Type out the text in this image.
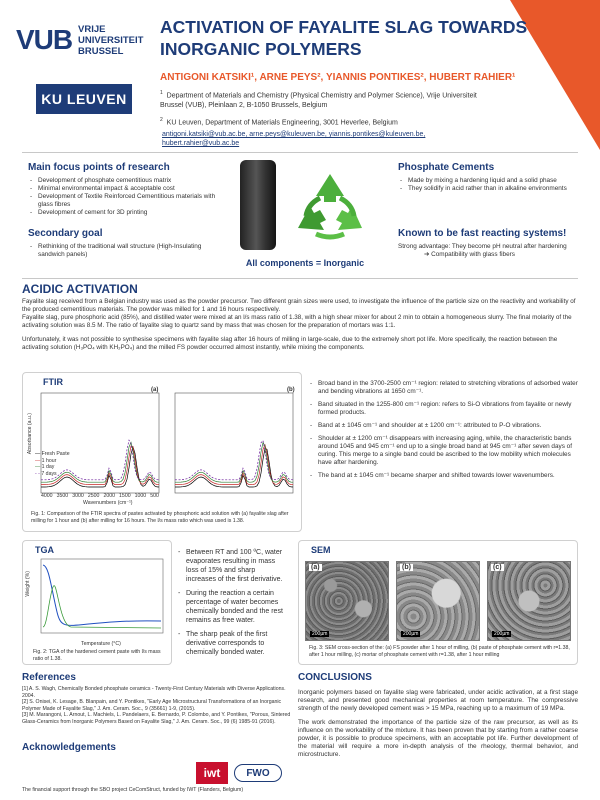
VUB VRIJE
UNIVERSITEIT
BRUSSEL
KU LEUVEN
ACTIVATION OF FAYALITE SLAG TOWARDS INORGANIC POLYMERS
ANTIGONI KATSIKI¹, ARNE PEYS², YIANNIS PONTIKES², HUBERT RAHIER¹
$^1$ Department of Materials and Chemistry (Physical Chemistry and Polymer Science), Vrije Universiteit Brussel (VUB), Pleinlaan 2, B-1050 Brussels, Belgium
$^2$ KU Leuven, Department of Materials Engineering, 3001 Heverlee, Belgium
antigoni.katsiki@vub.ac.be, arne.peys@kuleuven.be, yiannis.pontikes@kuleuven.be, hubert.rahier@vub.ac.be
Main focus points of research
- Development of phosphate cementitious matrix
- Minimal environmental impact & acceptable cost
- Development of Textile Reinforced Cementitious materials with glass fibres
- Development of cement for 3D printing
Secondary goal
- Rethinking of the traditional wall structure (High-Insulating sandwich panels)
All components = Inorganic
Phosphate Cements
- Made by mixing a hardening liquid and a solid phase
- They solidify in acid rather than in alkaline environments
Known to be fast reacting systems!
Strong advantage: They become pH neutral after hardening
➔ Compatibility with glass fibers
ACIDIC ACTIVATION
Fayalite slag received from a Belgian industry was used as the powder precursor. Two different grain sizes were used, to investigate the influence of the particle size on the reactivity and workability of the produced cementitious materials. The powder was milled for 1 and 16 hours respectively.
Fayalite slag, pure phosphoric acid (85%), and distilled water were mixed at an l/s mass ratio of 1.38, with a high shear mixer for about 2 min to obtain a homogeneous slurry. The final molarity of the activating solution was 8.5 M. The ratio of fayalite slag to quartz sand by mass that was chosen for the preparation of mortars was 1:1.
Unfortunately, it was not possible to synthesise specimens with fayalite slag after 16 hours of milling in large-scale, due to the extremely short pot life. More specifically, the reaction between the activating solution (H₃PO₄ with KH₂PO₄) and the milled FS powder occurred almost instantly, while mixing the components.
FTIR
(a)	(b)
— Fresh Paste
— 1 hour
— 1 day
- - 7 days
Absorbance (a.u.)
4000 3500 3000 2500 2000 1500 1000 500
Wavenumbers (cm⁻¹)
Fig. 1: Comparison of the FTIR spectra of pastes activated by phosphoric acid solution with (a) fayalite slag after milling for 1 hour and (b) after milling for 16 hours. The l/s mass ratio which was used is 1.38.
- Broad band in the 3700-2500 cm⁻¹ region: related to stretching vibrations of adsorbed water and bending vibrations at 1650 cm⁻¹.
- Band situated in the 1255-800 cm⁻¹ region: refers to Si-O vibrations from fayalite or newly formed products.
- Band at ± 1045 cm⁻¹ and shoulder at ± 1200 cm⁻¹: attributed to P-O vibrations.
- Shoulder at ± 1200 cm⁻¹ disappears with increasing aging, while, the characteristic bands around 1045 and 945 cm⁻¹ end up to a single broad band at 945 cm⁻¹ after seven days of curing. This merge to a single band could be ascribed to the low mobility which molecules have after hardening.
- The band at ± 1045 cm⁻¹ became sharper and shifted towards lower wavenumbers.
TGA
Weight (%)
Temperature (°C)
Fig. 2: TGA of the hardened cement paste with l/s mass ratio of 1.38.
- Between RT and 100 ºC, water evaporates resulting in mass loss of 15% and sharp increases of the first derivative.
- During the reaction a certain percentage of water becomes chemically bonded and the rest remains as free water.
- The sharp peak of the first derivative corresponds to chemically bonded water.
SEM
(a)
200µm
(b)
200µm
(c)
200µm
Fig. 3: SEM cross-section of the: (a) FS powder after 1 hour of milling, (b) paste of phosphate cement with r=1.38, after 1 hour milling, (c) mortar of phosphate cement with r=1.38, after 1 hour milling
CONCLUSIONS
Inorganic polymers based on fayalite slag were fabricated, under acidic activation, at a first stage research, and presented good mechanical properties at room temperature. The compressive strength of the newly developed cement was > 15 MPa, reaching up to a maximum of 19 MPa.
The work demonstrated the importance of the particle size of the raw precursor, as well as its influence on the workability of the mixture. It has been proven that by starting from a rather coarse powder, it is possible to produce specimens, with an acceptable pot life. Further development of the material will require a more in-depth analysis of the rheology, thermal behavior, and microstructure.
References
[1] A. S. Wagh, Chemically Bonded phosphate ceramics - Twenty-First Century Materials with Diverse Applications. 2004.
[2] S. Onisei, K. Lesage, B. Blanpain, and Y. Pontikes, "Early Age Microstructural Transformations of an Inorganic Polymer Made of Fayalite Slag," J. Am. Ceram. Soc., 9 (35661) 1-9, (2015).
[3] M. Marangoni, L. Arnout, L. Machiels, L. Pandelaers, E. Bernardo, P. Colombo, and Y. Pontikes, "Porous, Sintered Glass-Ceramics from Inorganic Polymers Based on Fayalite Slag," J. Am. Ceram. Soc., 99 (6) 1985-91 (2016).
Acknowledgements
iwt	FWO
The financial support through the SBO project CeComStruct, funded by IWT (Flanders, Belgium)
